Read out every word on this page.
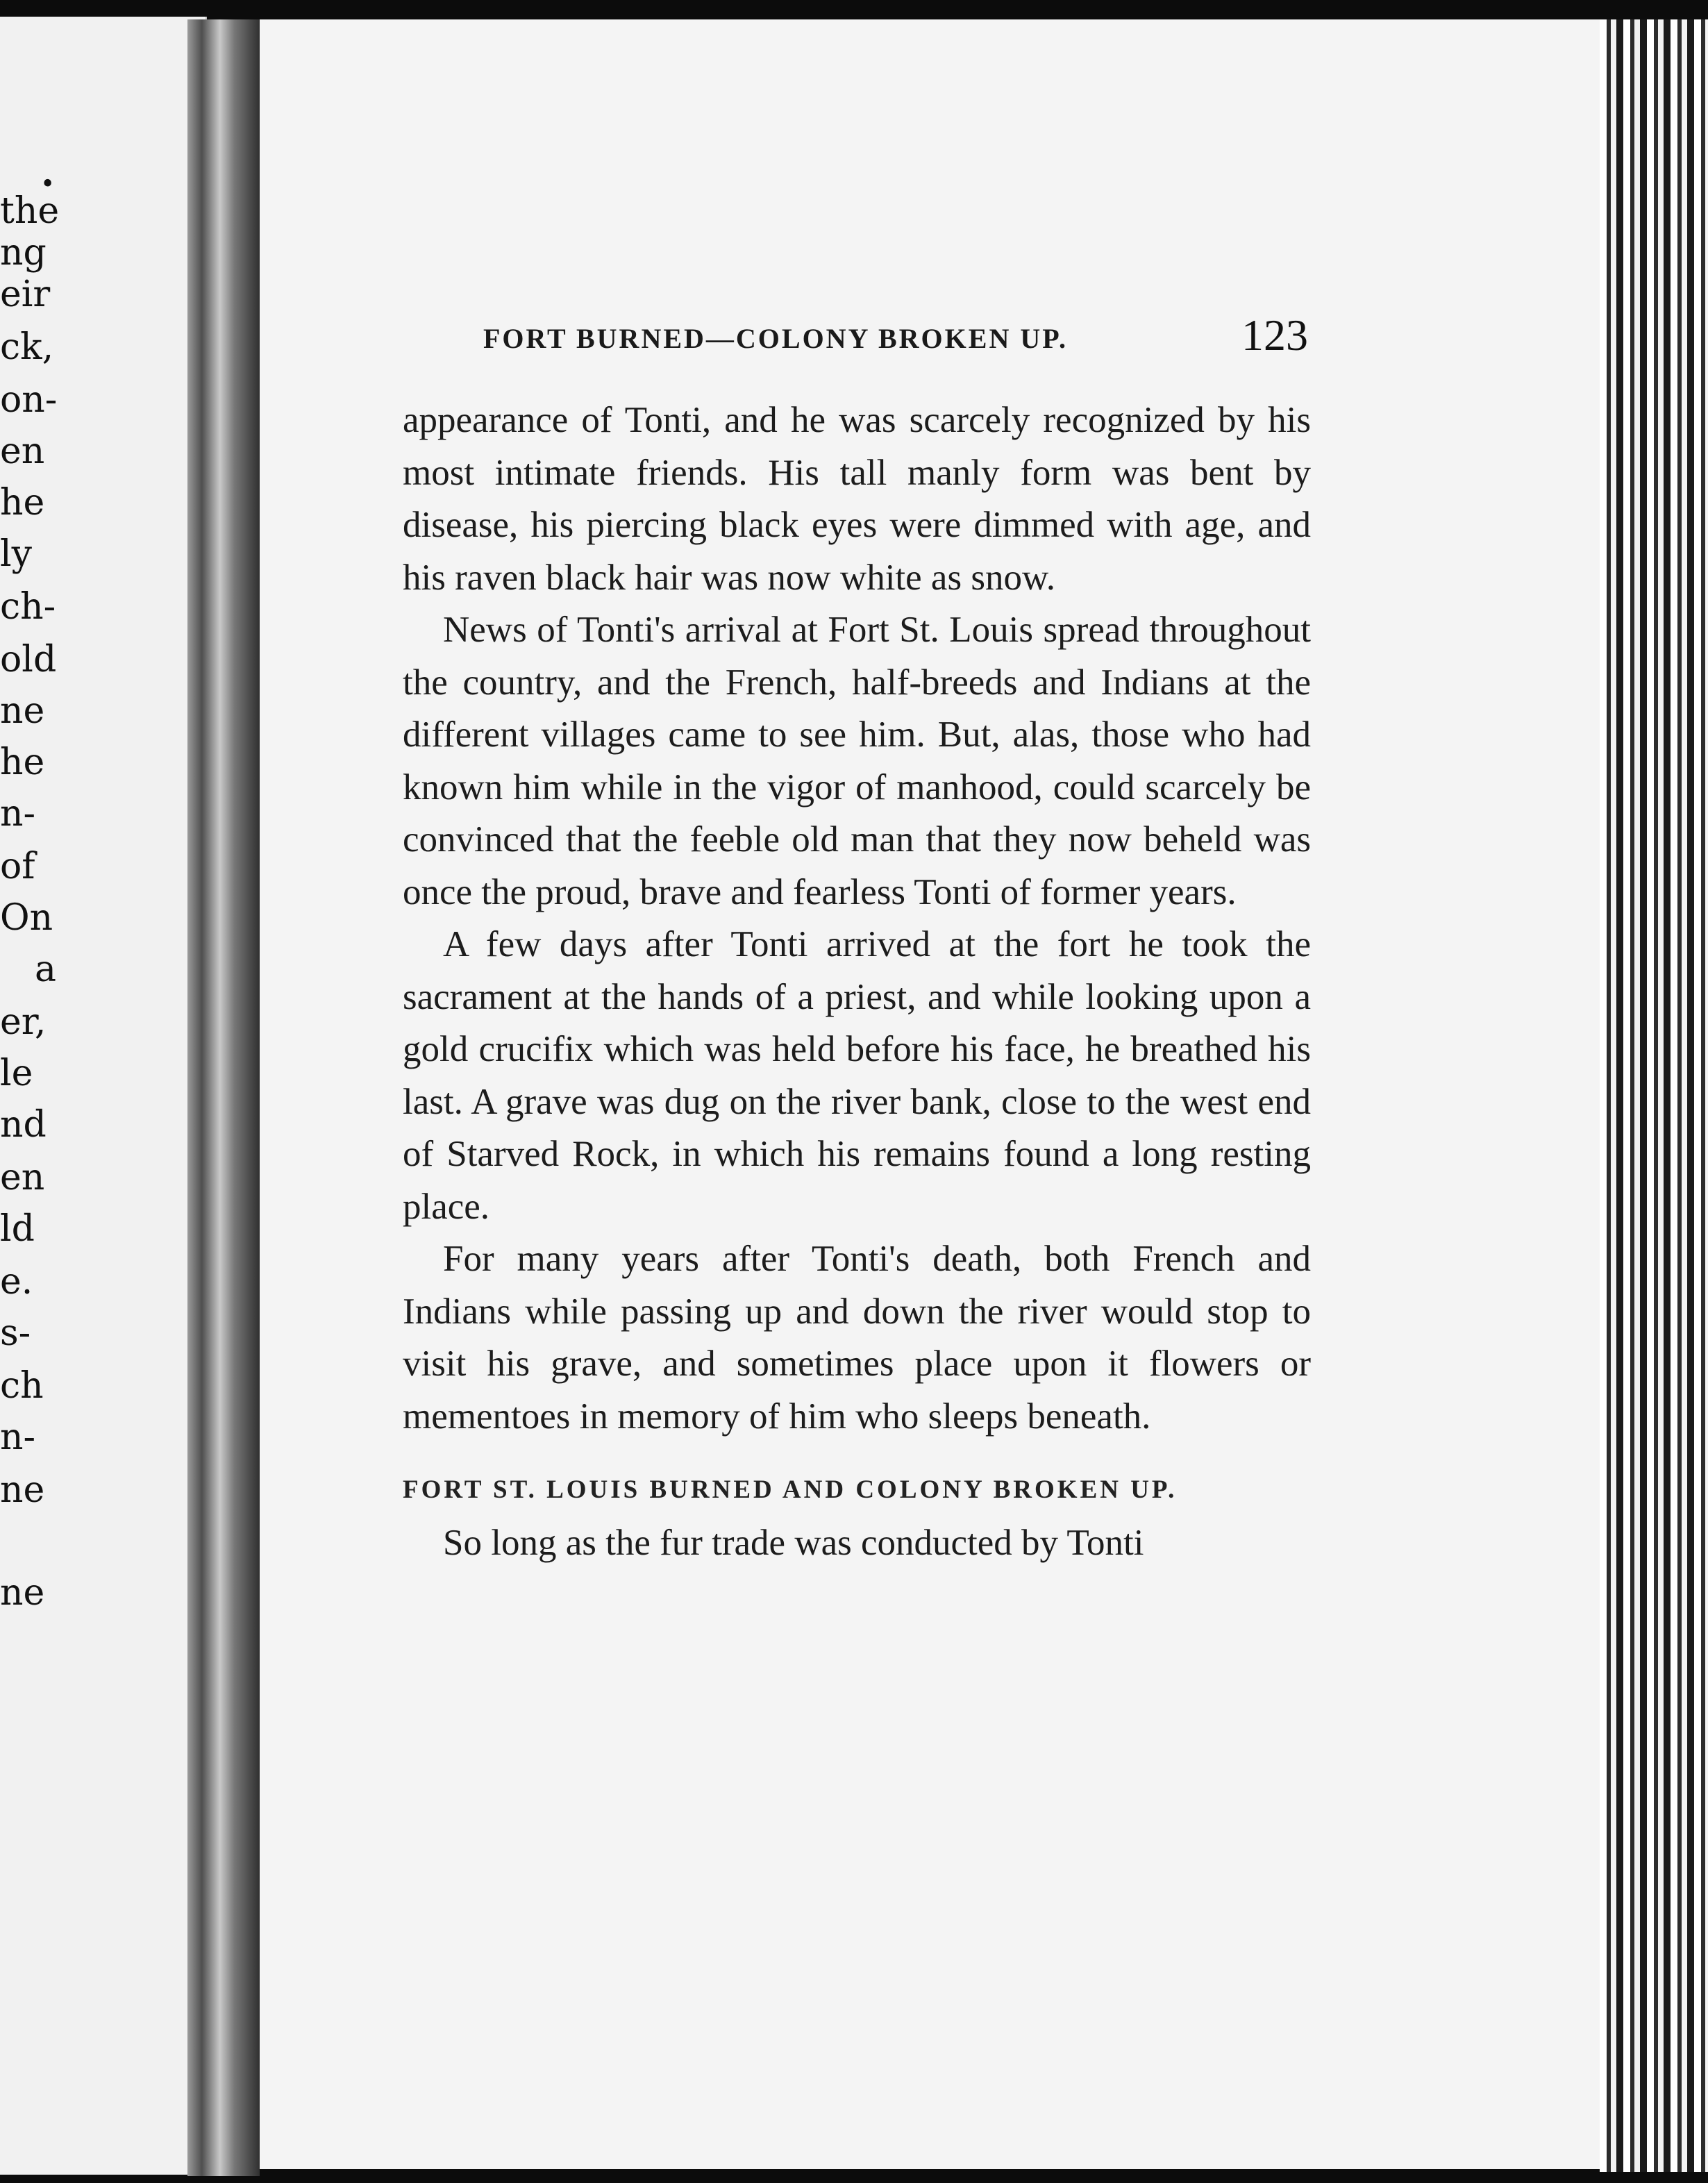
•
the
ng
eir
ck,
on-
en
he
ly
ch-
old
ne
he
n-
of
On
a
er,
le
nd
en
ld
e.
s-
ch
n-
ne
ne
FORT BURNED—COLONY BROKEN UP.	123

appearance of Tonti, and he was scarcely recognized by his most intimate friends. His tall manly form was bent by disease, his piercing black eyes were dimmed with age, and his raven black hair was now white as snow.

News of Tonti's arrival at Fort St. Louis spread throughout the country, and the French, half-breeds and Indians at the different villages came to see him. But, alas, those who had known him while in the vigor of manhood, could scarcely be convinced that the feeble old man that they now beheld was once the proud, brave and fearless Tonti of former years.

A few days after Tonti arrived at the fort he took the sacrament at the hands of a priest, and while looking upon a gold crucifix which was held before his face, he breathed his last. A grave was dug on the river bank, close to the west end of Starved Rock, in which his remains found a long resting place.

For many years after Tonti's death, both French and Indians while passing up and down the river would stop to visit his grave, and sometimes place upon it flowers or mementoes in memory of him who sleeps beneath.

FORT ST. LOUIS BURNED AND COLONY BROKEN UP.

So long as the fur trade was conducted by Tonti
